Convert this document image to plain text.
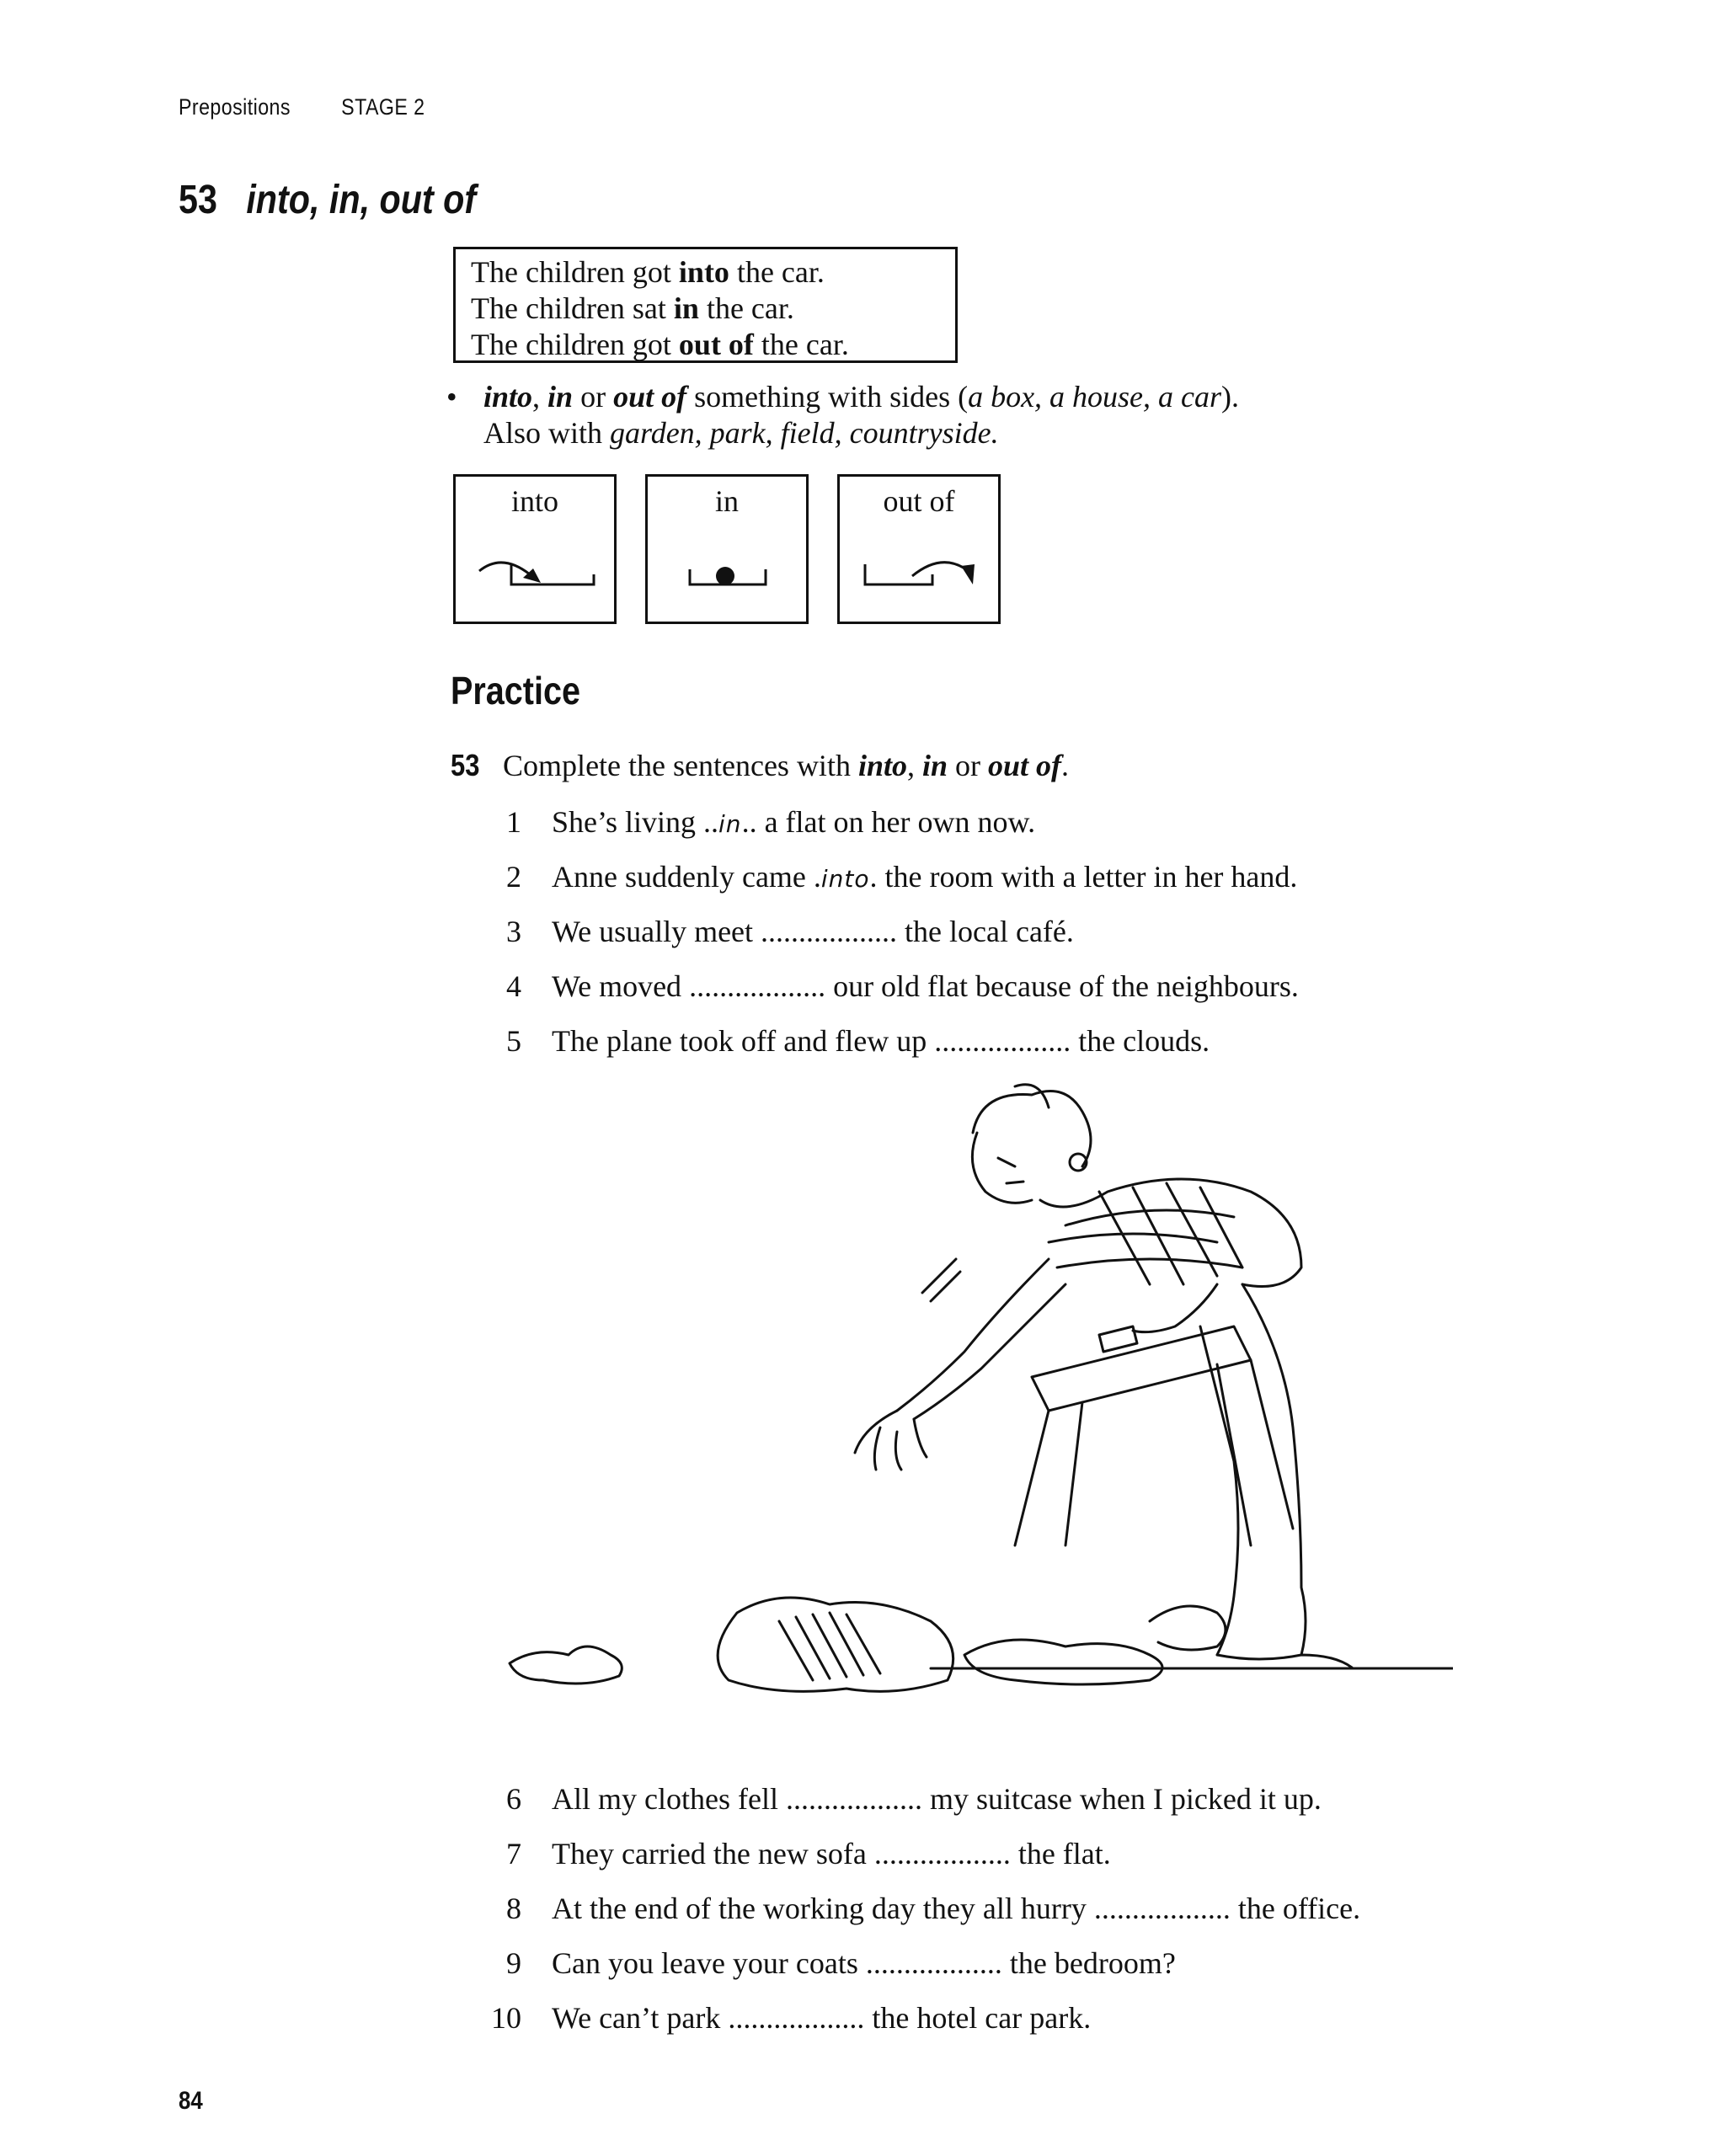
Prepositions STAGE 2
53 into, in, out of
The children got into the car.
The children sat in the car.
The children got out of the car.
• into, in or out of something with sides (a box, a house, a car).
Also with garden, park, field, countryside.
into	in	out of
Practice
53 Complete the sentences with into, in or out of.
1 She’s living ..in.. a flat on her own now.
2 Anne suddenly came .into. the room with a letter in her hand.
3 We usually meet .................. the local café.
4 We moved .................. our old flat because of the neighbours.
5 The plane took off and flew up .................. the clouds.
6 All my clothes fell .................. my suitcase when I picked it up.
7 They carried the new sofa .................. the flat.
8 At the end of the working day they all hurry .................. the office.
9 Can you leave your coats .................. the bedroom?
10 We can’t park .................. the hotel car park.
84
